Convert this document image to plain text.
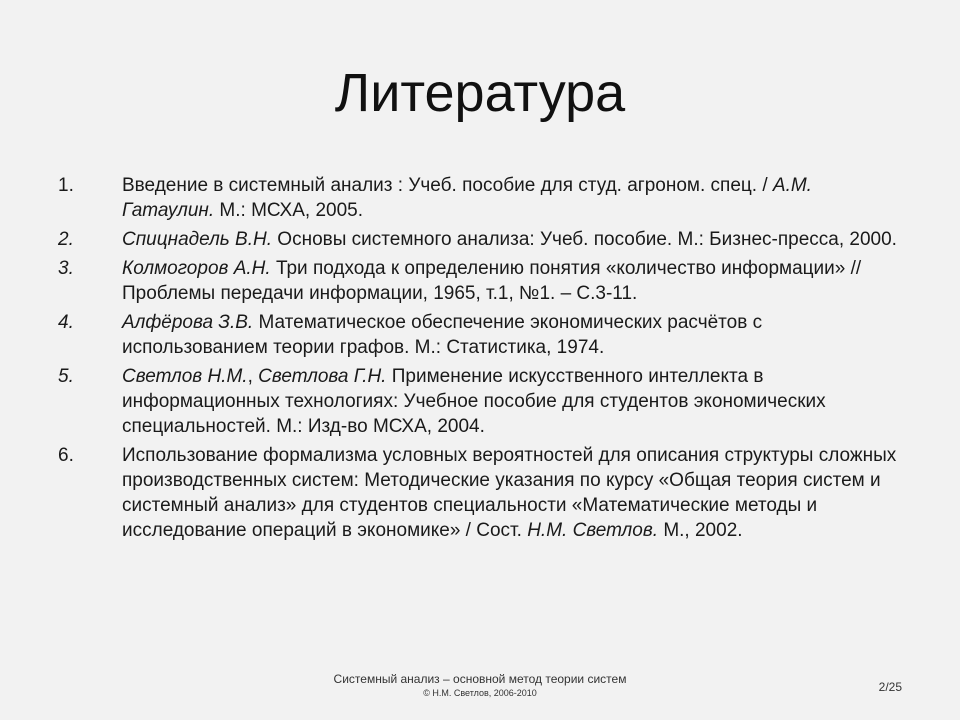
Литература
1.	Введение в системный анализ : Учеб. пособие для студ. агроном. спец. / А.М. Гатаулин. М.: МСХА, 2005.
2.	Спицнадель В.Н. Основы системного анализа: Учеб. пособие. М.: Бизнес-пресса, 2000.
3.	Колмогоров А.Н. Три подхода к определению понятия «количество информации» // Проблемы передачи информации, 1965, т.1, №1. – С.3-11.
4.	Алфёрова З.В. Математическое обеспечение экономических расчётов с использованием теории графов. М.: Статистика, 1974.
5.	Светлов Н.М., Светлова Г.Н. Применение искусственного интеллекта в информационных технологиях: Учебное пособие для студентов экономических специальностей. М.: Изд-во МСХА, 2004.
6.	Использование формализма условных вероятностей для описания структуры сложных производственных систем: Методические указания по курсу «Общая теория систем и системный анализ» для студентов специальности «Математические методы и исследование операций в экономике» / Сост. Н.М. Светлов. М., 2002.
Системный анализ – основной метод теории систем
© Н.М. Светлов, 2006-2010	2/25
